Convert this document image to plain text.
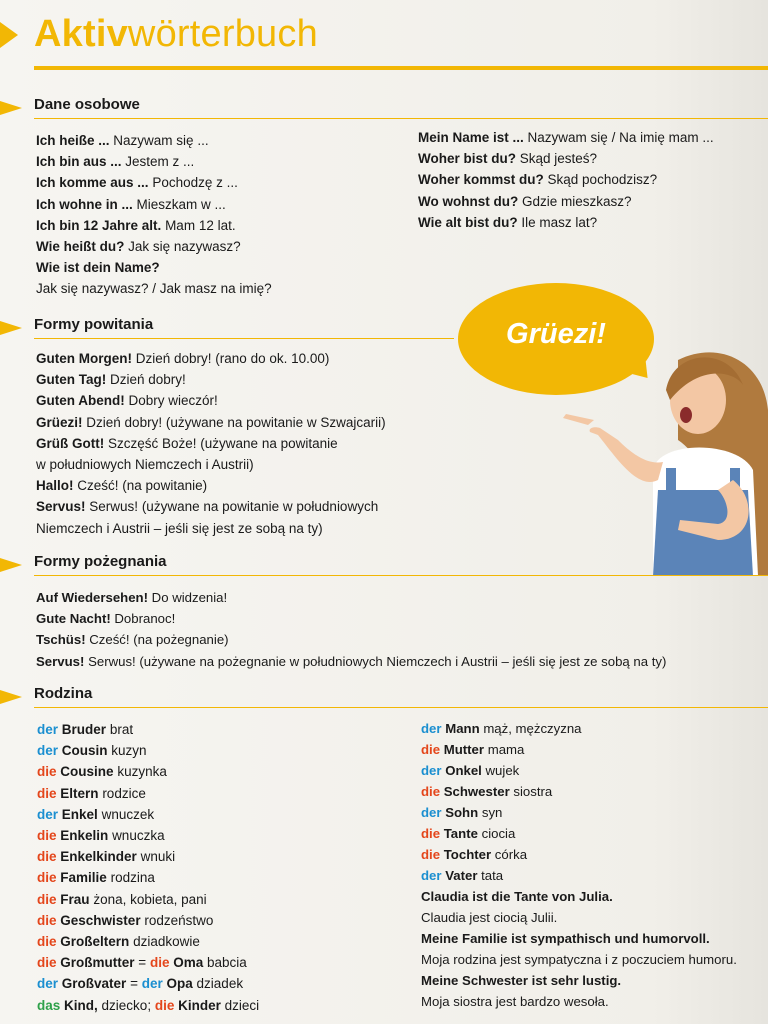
Aktivwörterbuch
Dane osobowe
Ich heiße ... Nazywam się ...
Ich bin aus ... Jestem z ...
Ich komme aus ... Pochodzę z ...
Ich wohne in ... Mieszkam w ...
Ich bin 12 Jahre alt. Mam 12 lat.
Wie heißt du? Jak się nazywasz?
Wie ist dein Name?
Jak się nazywasz? / Jak masz na imię?
Mein Name ist ... Nazywam się / Na imię mam ...
Woher bist du? Skąd jesteś?
Woher kommst du? Skąd pochodzisz?
Wo wohnst du? Gdzie mieszkasz?
Wie alt bist du? Ile masz lat?
Formy powitania
Guten Morgen! Dzień dobry! (rano do ok. 10.00)
Guten Tag! Dzień dobry!
Guten Abend! Dobry wieczór!
Grüezi! Dzień dobry! (używane na powitanie w Szwajcarii)
Grüß Gott! Szczęść Boże! (używane na powitanie
w południowych Niemczech i Austrii)
Hallo! Cześć! (na powitanie)
Servus! Serwus! (używane na powitanie w południowych
Niemczech i Austrii – jeśli się jest ze sobą na ty)
Grüezi!
Formy pożegnania
Auf Wiedersehen! Do widzenia!
Gute Nacht! Dobranoc!
Tschüs! Cześć! (na pożegnanie)
Servus! Serwus! (używane na pożegnanie w południowych Niemczech i Austrii – jeśli się jest ze sobą na ty)
Rodzina
der Bruder brat
der Cousin kuzyn
die Cousine kuzynka
die Eltern rodzice
der Enkel wnuczek
die Enkelin wnuczka
die Enkelkinder wnuki
die Familie rodzina
die Frau żona, kobieta, pani
die Geschwister rodzeństwo
die Großeltern dziadkowie
die Großmutter = die Oma babcia
der Großvater = der Opa dziadek
das Kind, dziecko; die Kinder dzieci
der Mann mąż, mężczyzna
die Mutter mama
der Onkel wujek
die Schwester siostra
der Sohn syn
die Tante ciocia
die Tochter córka
der Vater tata
Claudia ist die Tante von Julia.
Claudia jest ciocią Julii.
Meine Familie ist sympathisch und humorvoll.
Moja rodzina jest sympatyczna i z poczuciem humoru.
Meine Schwester ist sehr lustig.
Moja siostra jest bardzo wesoła.
